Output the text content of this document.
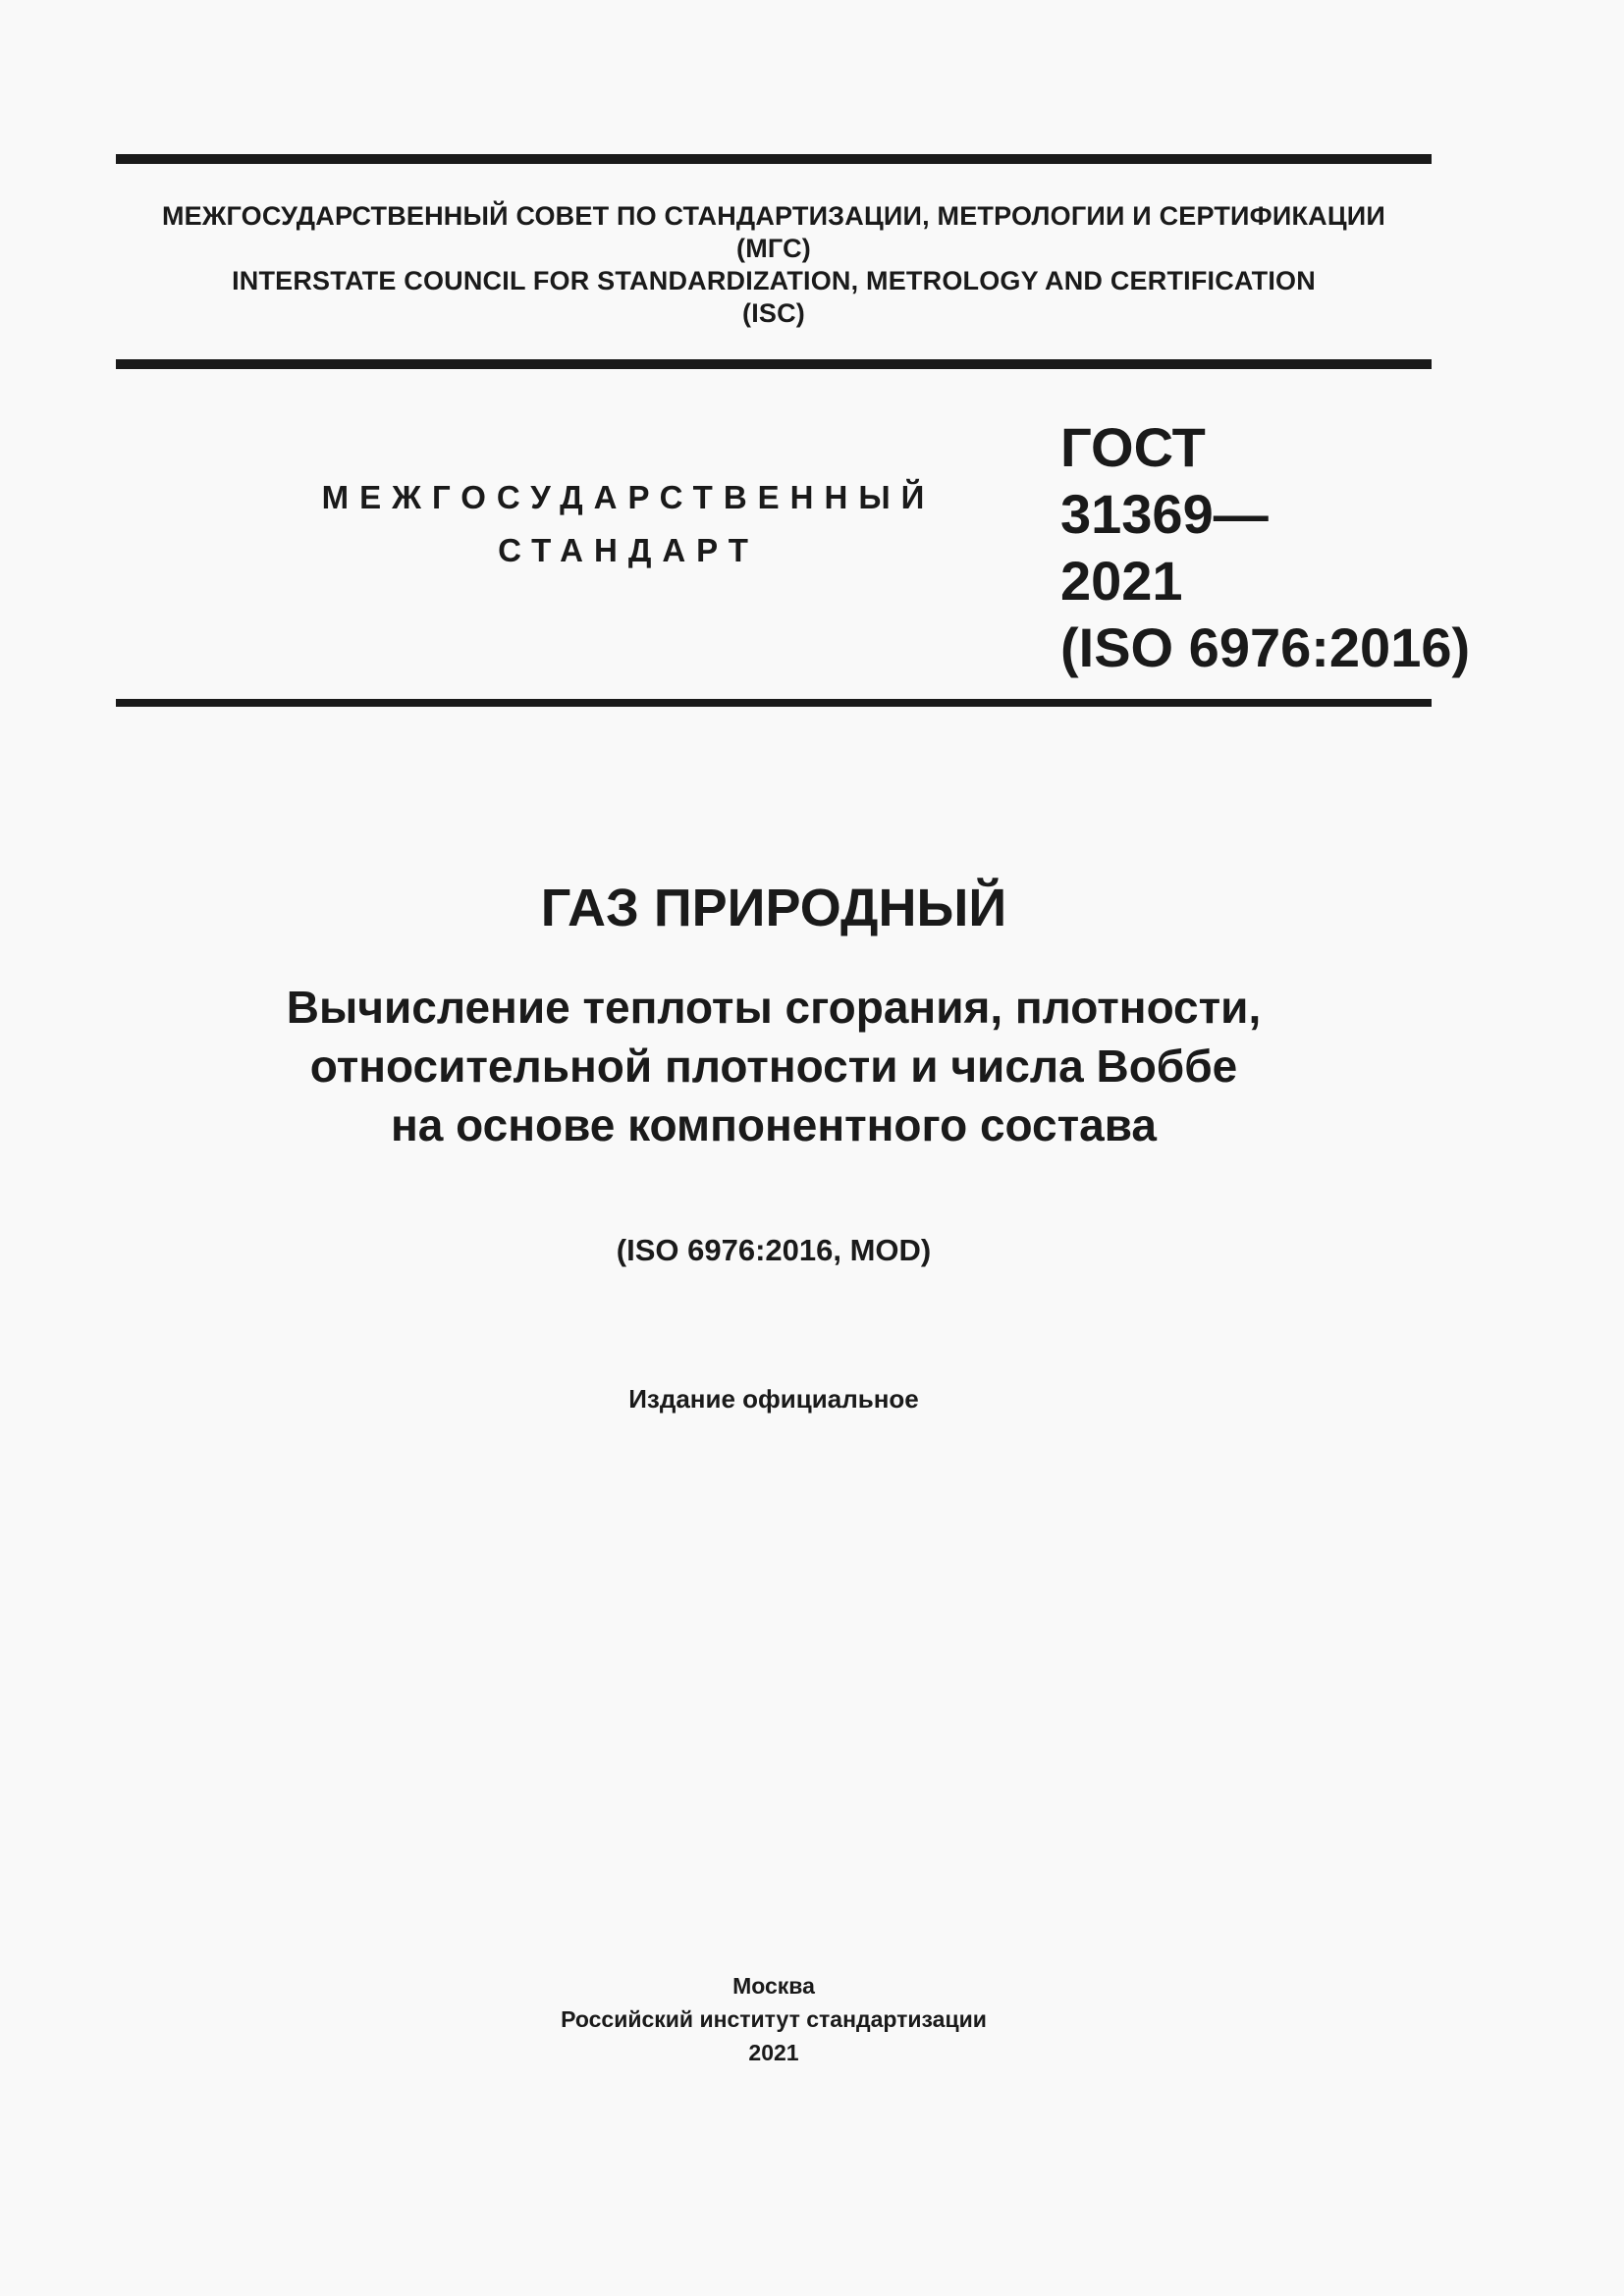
МЕЖГОСУДАРСТВЕННЫЙ СОВЕТ ПО СТАНДАРТИЗАЦИИ, МЕТРОЛОГИИ И СЕРТИФИКАЦИИ
(МГС)
INTERSTATE COUNCIL FOR STANDARDIZATION, METROLOGY AND CERTIFICATION
(ISC)
МЕЖГОСУДАРСТВЕННЫЙ
СТАНДАРТ
ГОСТ
31369—
2021
(ISO 6976:2016)
ГАЗ ПРИРОДНЫЙ
Вычисление теплоты сгорания, плотности,
относительной плотности и числа Воббе
на основе компонентного состава
(ISO 6976:2016, MOD)
Издание официальное
Москва
Российский институт стандартизации
2021
